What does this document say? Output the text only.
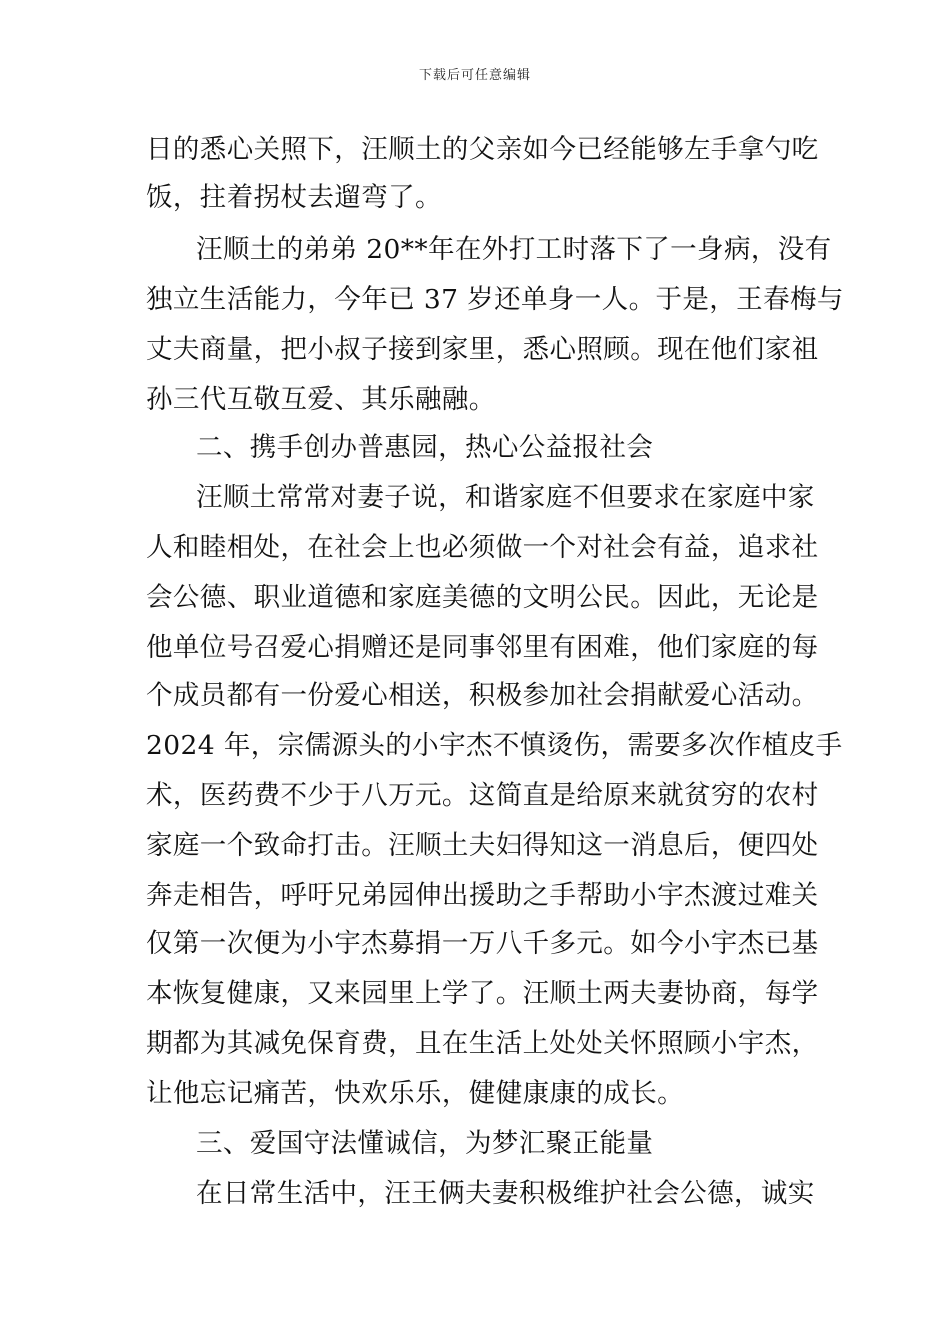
下载后可任意编辑
日的悉心关照下，汪顺土的父亲如今已经能够左手拿勺吃
饭，拄着拐杖去遛弯了。
汪顺土的弟弟 20**年在外打工时落下了一身病，没有
独立生活能力，今年已 37 岁还单身一人。于是，王春梅与
丈夫商量，把小叔子接到家里，悉心照顾。现在他们家祖
孙三代互敬互爱、其乐融融。
二、携手创办普惠园，热心公益报社会
汪顺土常常对妻子说，和谐家庭不但要求在家庭中家
人和睦相处，在社会上也必须做一个对社会有益，追求社
会公德、职业道德和家庭美德的文明公民。因此，无论是
他单位号召爱心捐赠还是同事邻里有困难，他们家庭的每
个成员都有一份爱心相送，积极参加社会捐献爱心活动。
2024 年，宗儒源头的小宇杰不慎烫伤，需要多次作植皮手
术，医药费不少于八万元。这简直是给原来就贫穷的农村
家庭一个致命打击。汪顺土夫妇得知这一消息后，便四处
奔走相告，呼吁兄弟园伸出援助之手帮助小宇杰渡过难关
仅第一次便为小宇杰募捐一万八千多元。如今小宇杰已基
本恢复健康，又来园里上学了。汪顺土两夫妻协商，每学
期都为其减免保育费，且在生活上处处关怀照顾小宇杰，
让他忘记痛苦，快欢乐乐，健健康康的成长。
三、爱国守法懂诚信，为梦汇聚正能量
在日常生活中，汪王俩夫妻积极维护社会公德，诚实
